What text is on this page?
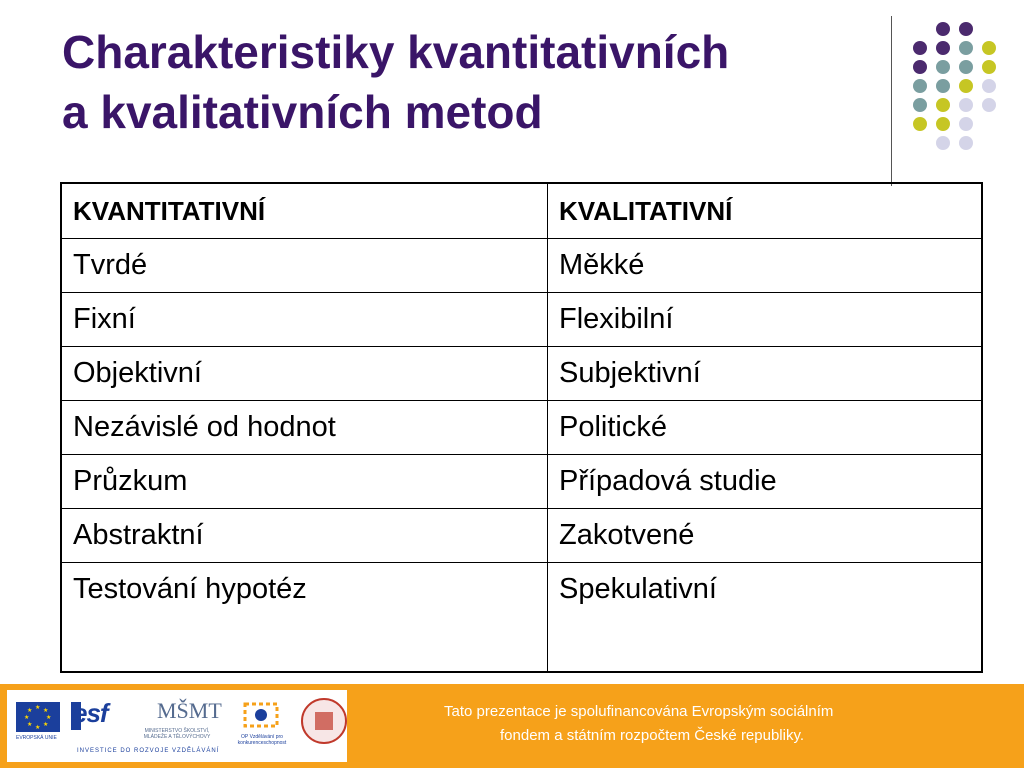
Charakteristiky kvantitativních
a kvalitativních metod
KVANTITATIVNÍ	KVALITATIVNÍ
Tvrdé	Měkké
Fixní	Flexibilní
Objektivní	Subjektivní
Nezávislé od hodnot	Politické
Průzkum	Případová studie
Abstraktní	Zakotvené
Testování hypotéz	Spekulativní
★ ★
★
★
★
★
★
★
EVROPSKÁ UNIE
esf
INVESTICE DO ROZVOJE VZDĚLÁVÁNÍ
MŠMT
MINISTERSTVO ŠKOLSTVÍ, MLÁDEŽE A TĚLOVÝCHOVY	OP Vzdělávání pro konkurenceschopnost
Tato prezentace je spolufinancována Evropským sociálním
fondem a státním rozpočtem České republiky.
